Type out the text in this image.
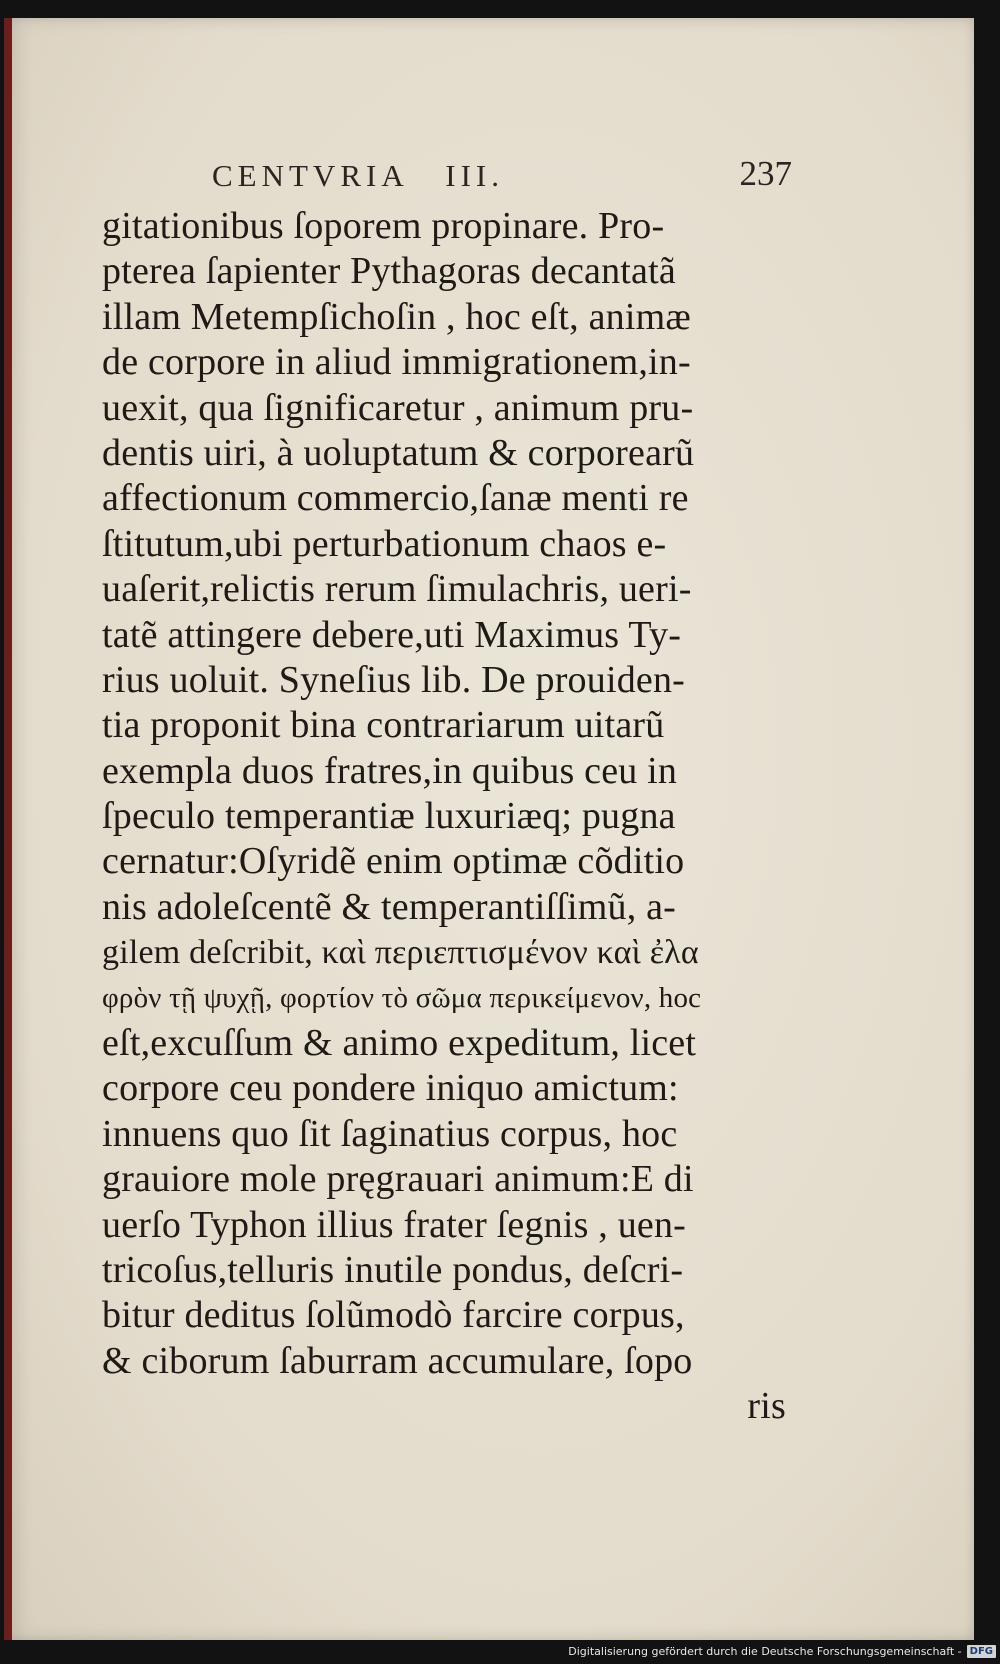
CENTVRIA   III.	237
gitationibus ſoporem propinare. Pro-
pterea ſapienter Pythagoras decantatã
illam Metempſichoſin , hoc eſt, animæ
de corpore in aliud immigrationem,in-
uexit, qua ſignificaretur , animum pru-
dentis uiri, à uoluptatum & corporearũ
affectionum commercio,ſanæ menti re
ſtitutum,ubi perturbationum chaos e-
uaſerit,relictis rerum ſimulachris, ueri-
tatẽ attingere debere,uti Maximus Ty-
rius uoluit. Syneſius lib. De prouiden-
tia proponit bina contrariarum uitarũ
exempla duos fratres,in quibus ceu in
ſpeculo temperantiæ luxuriæq; pugna
cernatur:Oſyridẽ enim optimæ cõditio
nis adoleſcentẽ & temperantiſſimũ, a-
gilem deſcribit, καὶ περιεπτισμένον καὶ ἐλα
φρὸν τῇ ψυχῇ, φορτίον τὸ σῶμα περικείμενον, hoc
eſt,excuſſum & animo expeditum, licet
corpore ceu pondere iniquo amictum:
innuens quo ſit ſaginatius corpus, hoc
grauiore mole pręgrauari animum:E di
uerſo Typhon illius frater ſegnis , uen-
tricoſus,telluris inutile pondus, deſcri-
bitur deditus ſolũmodò farcire corpus,
& ciborum ſaburram accumulare, ſopo
ris
Digitalisierung gefördert durch die Deutsche Forschungsgemeinschaft - DFG
